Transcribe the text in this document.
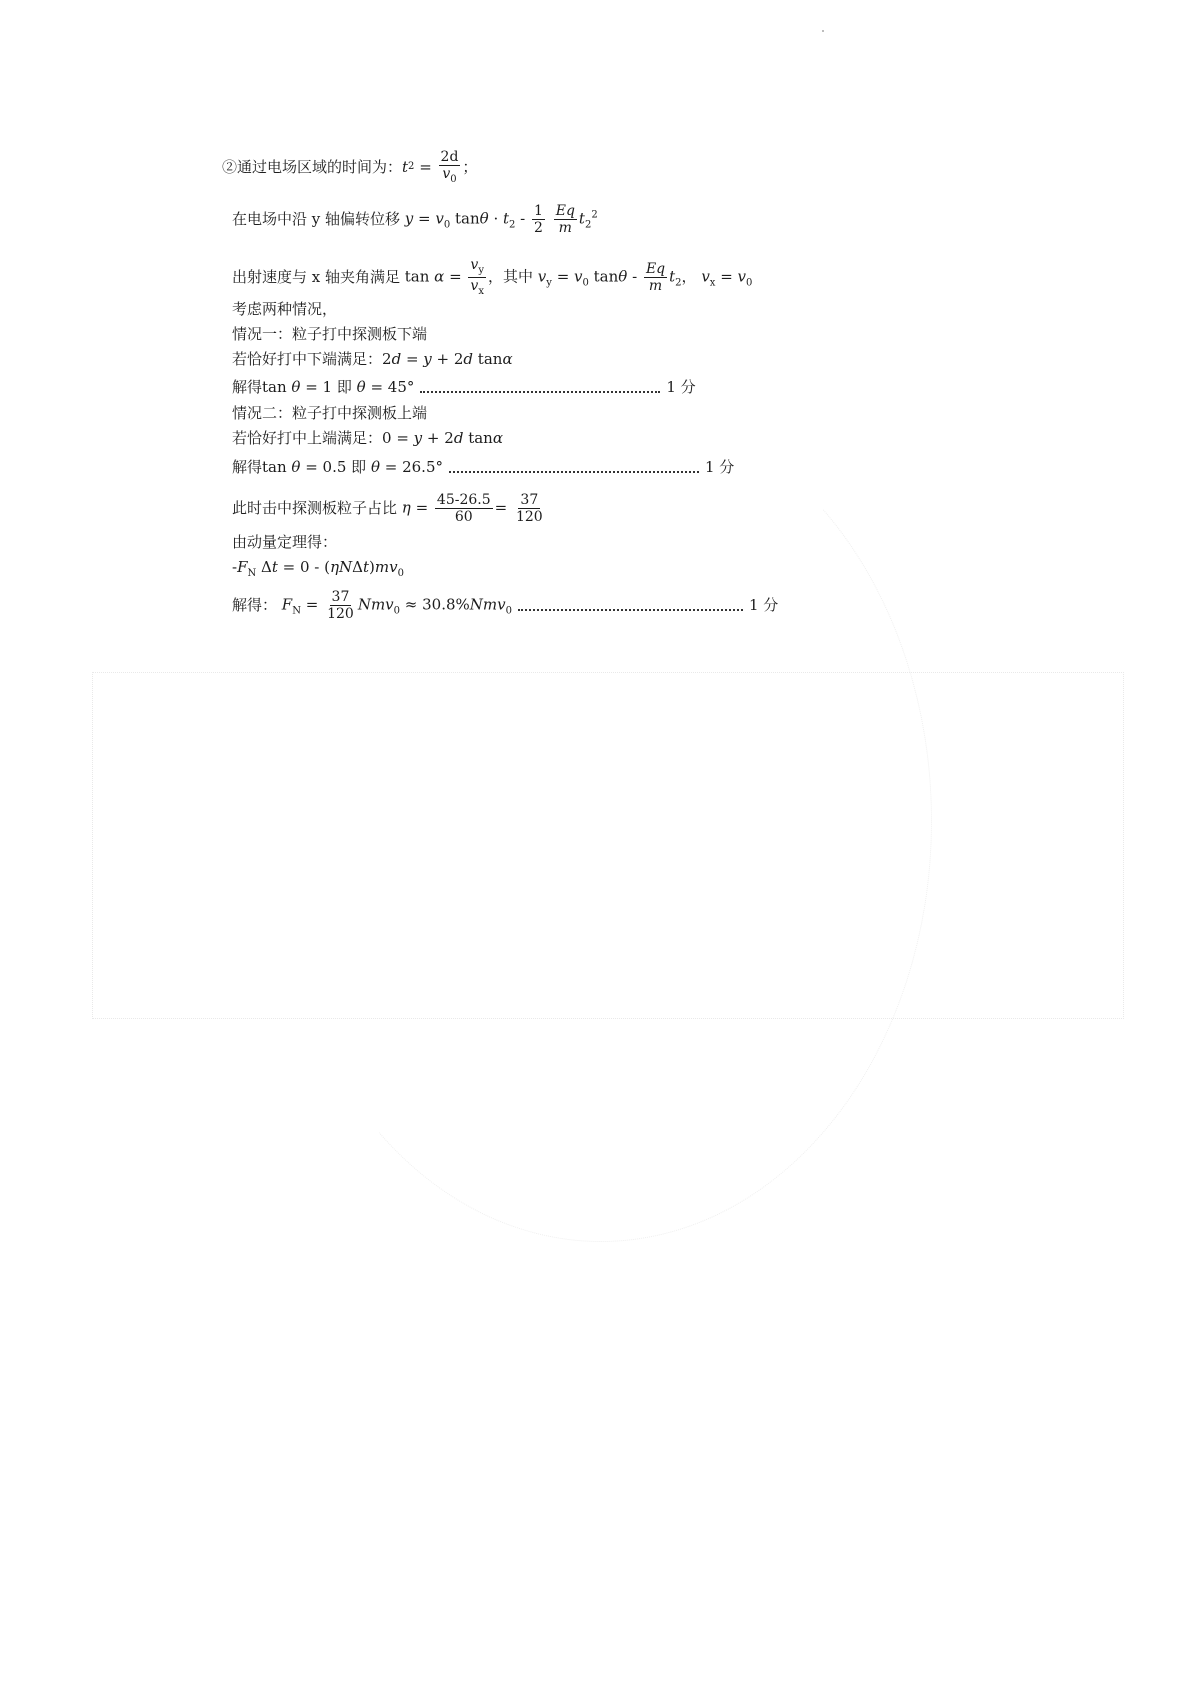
②通过电场区域的时间为： t $2 = \frac{2d}{v_0}$ ；
在电场中沿 y 轴偏转位移 $y = v_0$ $\tan\theta \cdot t_2 - \frac{1}{2}$
$\frac{Eq}{m} t_2^2$
出射速度与 x 轴夹角满足 $\tan \alpha = \frac{v_y}{v_x}$ ，其中 $v_y = v_0$ tanθ - $\frac{Eq}{m} t_2$， $v_x = v_0$
考虑两种情况，
情况一：粒子打中探测板下端
若恰好打中下端满足： 2d = y + 2d tanα
解得 tan θ = 1 即 θ = 45°	1 分
情况二：粒子打中探测板上端
若恰好打中上端满足： 0 = y + 2d tanα
解得 tan θ = 0.5 即 θ = 26.5°	1 分
此时击中探测板粒子占比 $\eta = \frac{45-26.5}{60} = \frac{37}{120}$
由动量定理得：
$-F_N$ $\Delta t = 0 - (\eta N\Delta t)mv_0$
解得： $F_N = \frac{37}{120} Nmv_0 \approx 30.8\%Nmv_0$	1 分
